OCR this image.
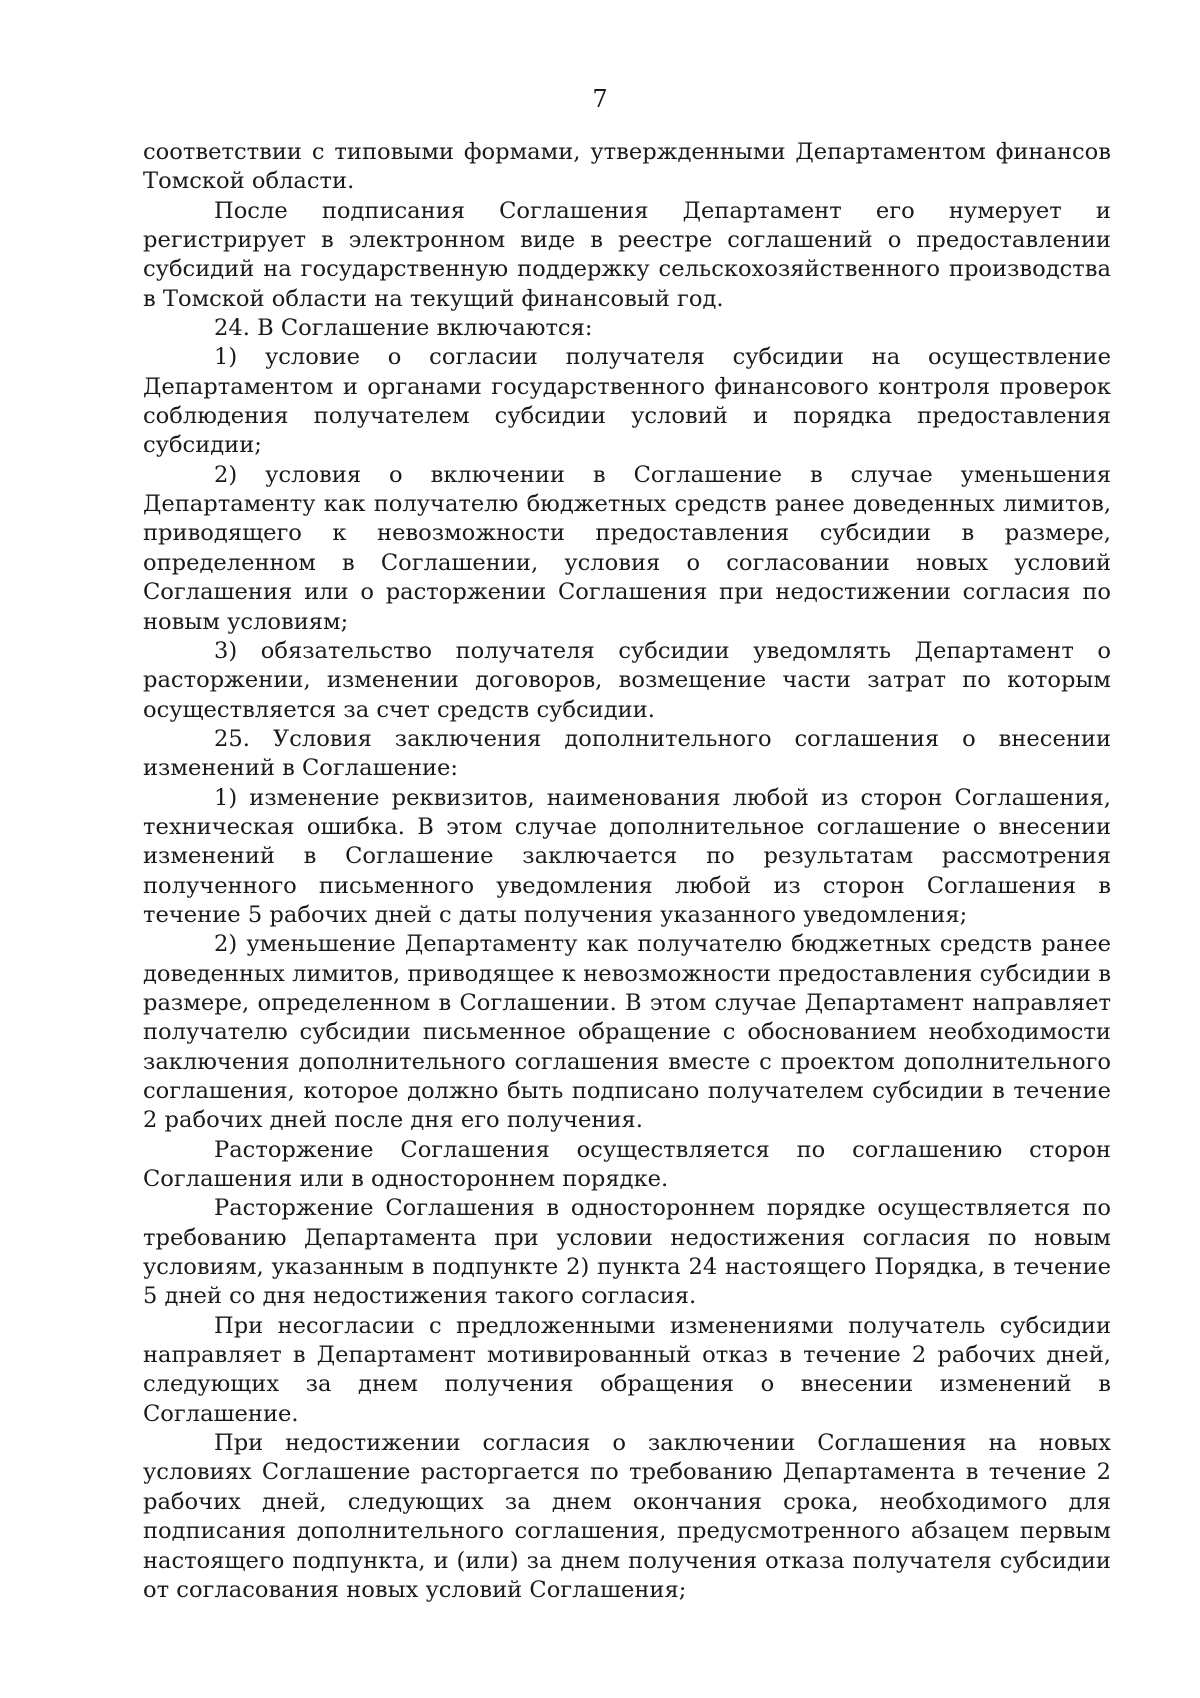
7

соответствии с типовыми формами, утвержденными Департаментом финансов Томской области.

После подписания Соглашения Департамент его нумерует и регистрирует в электронном виде в реестре соглашений о предоставлении субсидий на государственную поддержку сельскохозяйственного производства в Томской области на текущий финансовый год.

24. В Соглашение включаются:

1) условие о согласии получателя субсидии на осуществление Департаментом и органами государственного финансового контроля проверок соблюдения получателем субсидии условий и порядка предоставления субсидии;

2) условия о включении в Соглашение в случае уменьшения Департаменту как получателю бюджетных средств ранее доведенных лимитов, приводящего к невозможности предоставления субсидии в размере, определенном в Соглашении, условия о согласовании новых условий Соглашения или о расторжении Соглашения при недостижении согласия по новым условиям;

3) обязательство получателя субсидии уведомлять Департамент о расторжении, изменении договоров, возмещение части затрат по которым осуществляется за счет средств субсидии.

25. Условия заключения дополнительного соглашения о внесении изменений в Соглашение:

1) изменение реквизитов, наименования любой из сторон Соглашения, техническая ошибка. В этом случае дополнительное соглашение о внесении изменений в Соглашение заключается по результатам рассмотрения полученного письменного уведомления любой из сторон Соглашения в течение 5 рабочих дней с даты получения указанного уведомления;

2) уменьшение Департаменту как получателю бюджетных средств ранее доведенных лимитов, приводящее к невозможности предоставления субсидии в размере, определенном в Соглашении. В этом случае Департамент направляет получателю субсидии письменное обращение с обоснованием необходимости заключения дополнительного соглашения вместе с проектом дополнительного соглашения, которое должно быть подписано получателем субсидии в течение 2 рабочих дней после дня его получения.

Расторжение Соглашения осуществляется по соглашению сторон Соглашения или в одностороннем порядке.

Расторжение Соглашения в одностороннем порядке осуществляется по требованию Департамента при условии недостижения согласия по новым условиям, указанным в подпункте 2) пункта 24 настоящего Порядка, в течение 5 дней со дня недостижения такого согласия.

При несогласии с предложенными изменениями получатель субсидии направляет в Департамент мотивированный отказ в течение 2 рабочих дней, следующих за днем получения обращения о внесении изменений в Соглашение.

При недостижении согласия о заключении Соглашения на новых условиях Соглашение расторгается по требованию Департамента в течение 2 рабочих дней, следующих за днем окончания срока, необходимого для подписания дополнительного соглашения, предусмотренного абзацем первым настоящего подпункта, и (или) за днем получения отказа получателя субсидии от согласования новых условий Соглашения;
